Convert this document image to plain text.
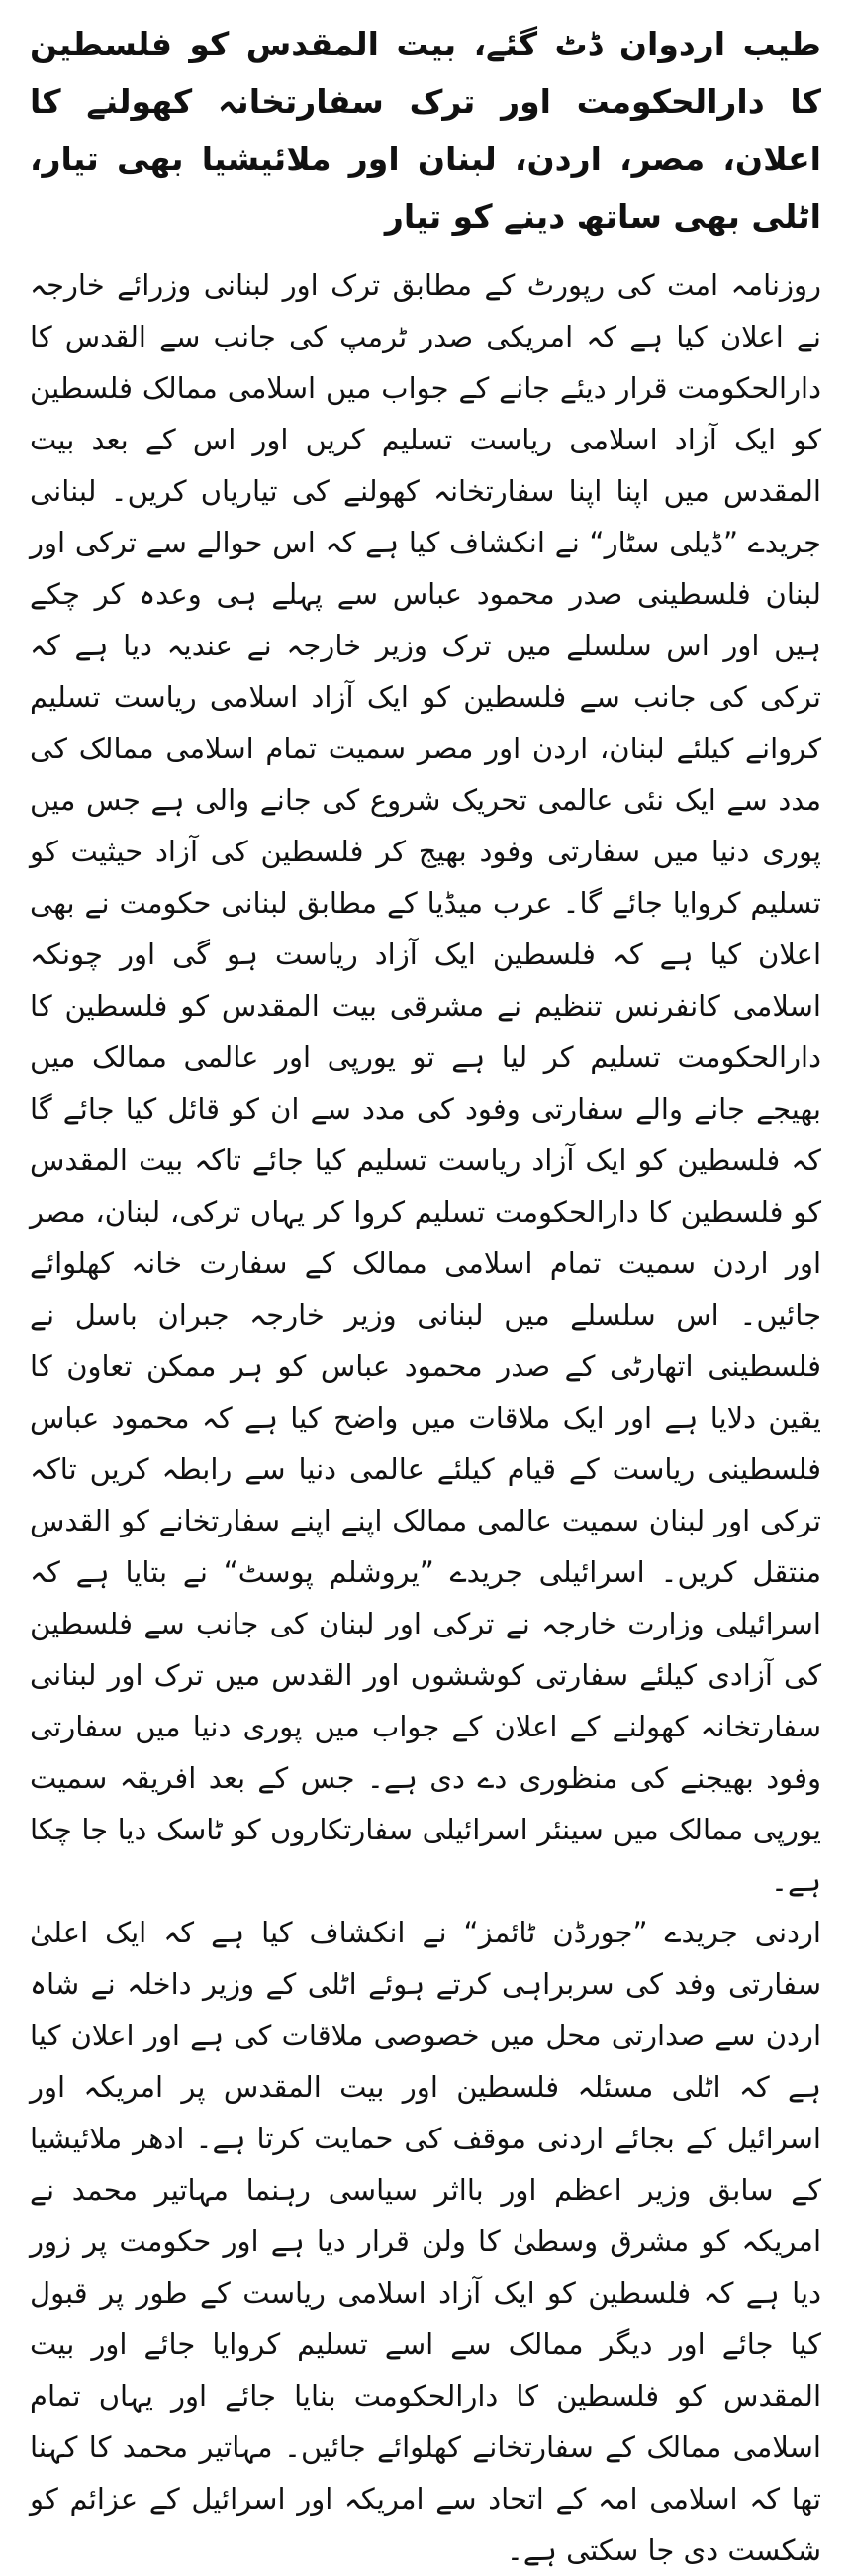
طیب اردوان ڈٹ گئے، بیت المقدس کو فلسطین کا دارالحکومت اور ترک سفارتخانہ کھولنے کا اعلان، مصر، اردن، لبنان اور ملائیشیا بھی تیار، اٹلی بھی ساتھ دینے کو تیار

روزنامہ امت کی رپورٹ کے مطابق ترک اور لبنانی وزرائے خارجہ نے اعلان کیا ہے کہ امریکی صدر ٹرمپ کی جانب سے القدس کا دارالحکومت قرار دیئے جانے کے جواب میں اسلامی ممالک فلسطین کو ایک آزاد اسلامی ریاست تسلیم کریں اور اس کے بعد بیت المقدس میں اپنا اپنا سفارتخانہ کھولنے کی تیاریاں کریں۔ لبنانی جریدے ”ڈیلی سٹار“ نے انکشاف کیا ہے کہ اس حوالے سے ترکی اور لبنان فلسطینی صدر محمود عباس سے پہلے ہی وعدہ کر چکے ہیں اور اس سلسلے میں ترک وزیر خارجہ نے عندیہ دیا ہے کہ ترکی کی جانب سے فلسطین کو ایک آزاد اسلامی ریاست تسلیم کروانے کیلئے لبنان، اردن اور مصر سمیت تمام اسلامی ممالک کی مدد سے ایک نئی عالمی تحریک شروع کی جانے والی ہے جس میں پوری دنیا میں سفارتی وفود بھیج کر فلسطین کی آزاد حیثیت کو تسلیم کروایا جائے گا۔ عرب میڈیا کے مطابق لبنانی حکومت نے بھی اعلان کیا ہے کہ فلسطین ایک آزاد ریاست ہو گی اور چونکہ اسلامی کانفرنس تنظیم نے مشرقی بیت المقدس کو فلسطین کا دارالحکومت تسلیم کر لیا ہے تو یورپی اور عالمی ممالک میں بھیجے جانے والے سفارتی وفود کی مدد سے ان کو قائل کیا جائے گا کہ فلسطین کو ایک آزاد ریاست تسلیم کیا جائے تاکہ بیت المقدس کو فلسطین کا دارالحکومت تسلیم کروا کر یہاں ترکی، لبنان، مصر اور اردن سمیت تمام اسلامی ممالک کے سفارت خانہ کھلوائے جائیں۔ اس سلسلے میں لبنانی وزیر خارجہ جبران باسل نے فلسطینی اتھارٹی کے صدر محمود عباس کو ہر ممکن تعاون کا یقین دلایا ہے اور ایک ملاقات میں واضح کیا ہے کہ محمود عباس فلسطینی ریاست کے قیام کیلئے عالمی دنیا سے رابطہ کریں تاکہ ترکی اور لبنان سمیت عالمی ممالک اپنے اپنے سفارتخانے کو القدس منتقل کریں۔ اسرائیلی جریدے ”یروشلم پوسٹ“ نے بتایا ہے کہ اسرائیلی وزارت خارجہ نے ترکی اور لبنان کی جانب سے فلسطین کی آزادی کیلئے سفارتی کوششوں اور القدس میں ترک اور لبنانی سفارتخانہ کھولنے کے اعلان کے جواب میں پوری دنیا میں سفارتی وفود بھیجنے کی منظوری دے دی ہے۔ جس کے بعد افریقہ سمیت یورپی ممالک میں سینئر اسرائیلی سفارتکاروں کو ٹاسک دیا جا چکا ہے۔

اردنی جریدے ”جورڈن ٹائمز“ نے انکشاف کیا ہے کہ ایک اعلیٰ سفارتی وفد کی سربراہی کرتے ہوئے اٹلی کے وزیر داخلہ نے شاہ اردن سے صدارتی محل میں خصوصی ملاقات کی ہے اور اعلان کیا ہے کہ اٹلی مسئلہ فلسطین اور بیت المقدس پر امریکہ اور اسرائیل کے بجائے اردنی موقف کی حمایت کرتا ہے۔ ادھر ملائیشیا کے سابق وزیر اعظم اور بااثر سیاسی رہنما مہاتیر محمد نے امریکہ کو مشرق وسطیٰ کا ولن قرار دیا ہے اور حکومت پر زور دیا ہے کہ فلسطین کو ایک آزاد اسلامی ریاست کے طور پر قبول کیا جائے اور دیگر ممالک سے اسے تسلیم کروایا جائے اور بیت المقدس کو فلسطین کا دارالحکومت بنایا جائے اور یہاں تمام اسلامی ممالک کے سفارتخانے کھلوائے جائیں۔ مہاتیر محمد کا کہنا تھا کہ اسلامی امہ کے اتحاد سے امریکہ اور اسرائیل کے عزائم کو شکست دی جا سکتی ہے۔
